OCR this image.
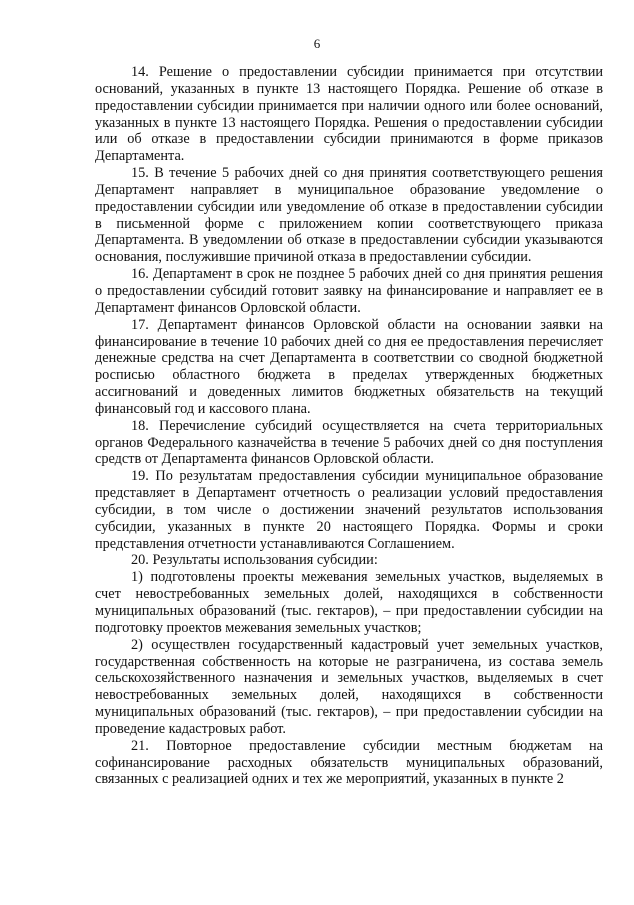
6

14. Решение о предоставлении субсидии принимается при отсутствии оснований, указанных в пункте 13 настоящего Порядка. Решение об отказе в предоставлении субсидии принимается при наличии одного или более оснований, указанных в пункте 13 настоящего Порядка. Решения о предоставлении субсидии или об отказе в предоставлении субсидии принимаются в форме приказов Департамента.

15. В течение 5 рабочих дней со дня принятия соответствующего решения Департамент направляет в муниципальное образование уведомление о предоставлении субсидии или уведомление об отказе в предоставлении субсидии в письменной форме с приложением копии соответствующего приказа Департамента. В уведомлении об отказе в предоставлении субсидии указываются основания, послужившие причиной отказа в предоставлении субсидии.

16. Департамент в срок не позднее 5 рабочих дней со дня принятия решения о предоставлении субсидий готовит заявку на финансирование и направляет ее в Департамент финансов Орловской области.

17. Департамент финансов Орловской области на основании заявки на финансирование в течение 10 рабочих дней со дня ее предоставления перечисляет денежные средства на счет Департамента в соответствии со сводной бюджетной росписью областного бюджета в пределах утвержденных бюджетных ассигнований и доведенных лимитов бюджетных обязательств на текущий финансовый год и кассового плана.

18. Перечисление субсидий осуществляется на счета территориальных органов Федерального казначейства в течение 5 рабочих дней со дня поступления средств от Департамента финансов Орловской области.

19. По результатам предоставления субсидии муниципальное образование представляет в Департамент отчетность о реализации условий предоставления субсидии, в том числе о достижении значений результатов использования субсидии, указанных в пункте 20 настоящего Порядка. Формы и сроки представления отчетности устанавливаются Соглашением.

20. Результаты использования субсидии:

1) подготовлены проекты межевания земельных участков, выделяемых в счет невостребованных земельных долей, находящихся в собственности муниципальных образований (тыс. гектаров), – при предоставлении субсидии на подготовку проектов межевания земельных участков;

2) осуществлен государственный кадастровый учет земельных участков, государственная собственность на которые не разграничена, из состава земель сельскохозяйственного назначения и земельных участков, выделяемых в счет невостребованных земельных долей, находящихся в собственности муниципальных образований (тыс. гектаров), – при предоставлении субсидии на проведение кадастровых работ.

21. Повторное предоставление субсидии местным бюджетам на софинансирование расходных обязательств муниципальных образований, связанных с реализацией одних и тех же мероприятий, указанных в пункте 2
